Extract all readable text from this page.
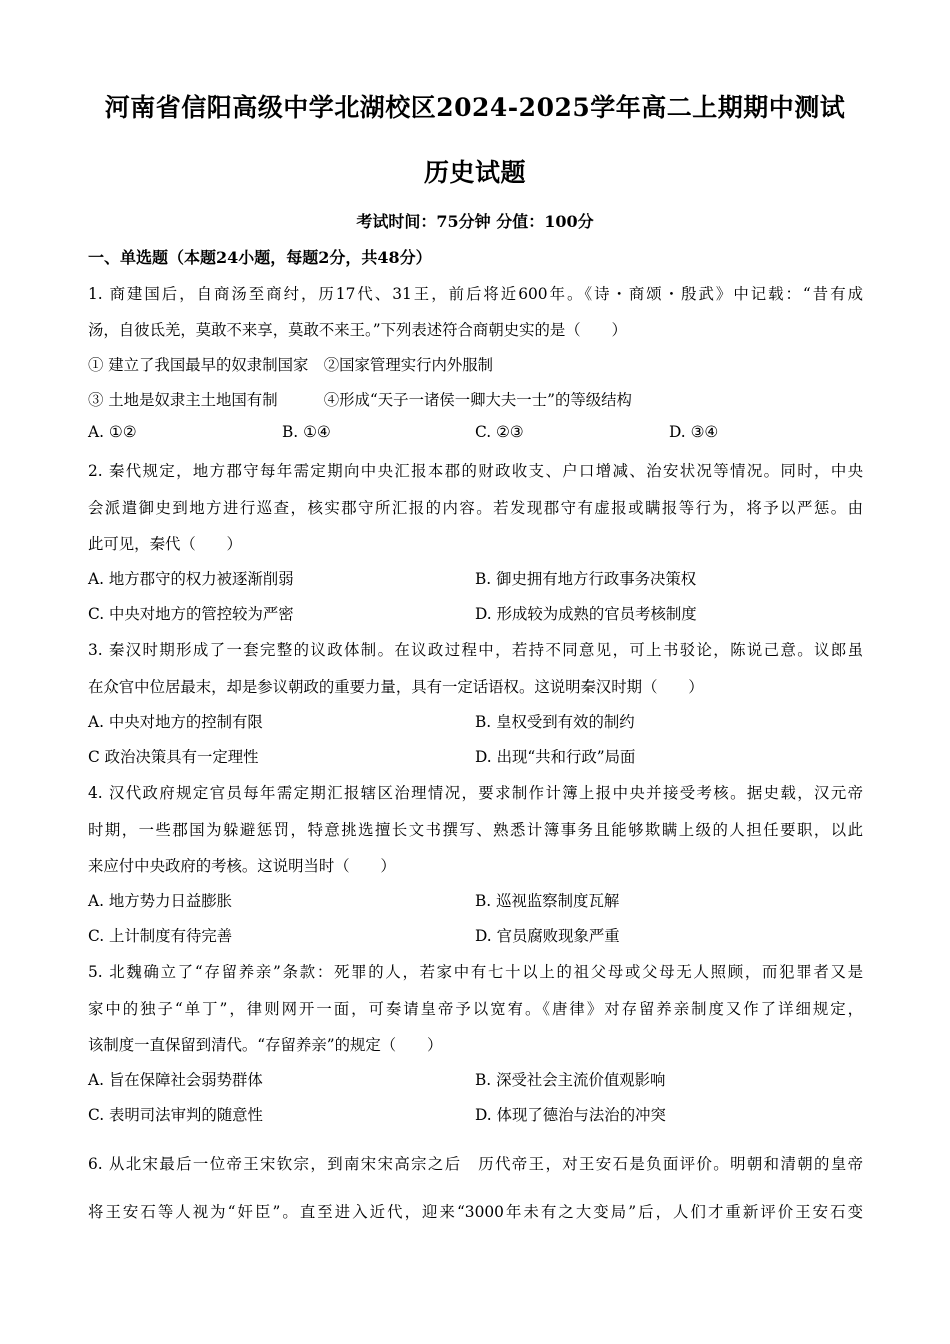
河南省信阳高级中学北湖校区2024-2025学年高二上期期中测试
历史试题
考试时间：75分钟 分值：100分
一、单选题（本题24小题，每题2分，共48分）
1. 商建国后，自商汤至商纣，历17代、31王，前后将近600年。《诗・商颂・殷武》中记载：“昔有成
汤，自彼氐羌，莫敢不来享，莫敢不来王。”下列表述符合商朝史实的是（　　）
① 建立了我国最早的奴隶制国家　②国家管理实行内外服制
③ 土地是奴隶主土地国有制　　　④形成“天子一诸侯一卿大夫一士”的等级结构
A. ①②	B. ①④	C. ②③	D. ③④
2. 秦代规定，地方郡守每年需定期向中央汇报本郡的财政收支、户口增减、治安状况等情况。同时，中央
会派遣御史到地方进行巡查，核实郡守所汇报的内容。若发现郡守有虚报或瞒报等行为，将予以严惩。由
此可见，秦代（　　）
A. 地方郡守的权力被逐渐削弱	B. 御史拥有地方行政事务决策权
C. 中央对地方的管控较为严密	D. 形成较为成熟的官员考核制度
3. 秦汉时期形成了一套完整的议政体制。在议政过程中，若持不同意见，可上书驳论，陈说己意。议郎虽
在众官中位居最末，却是参议朝政的重要力量，具有一定话语权。这说明秦汉时期（　　）
A. 中央对地方的控制有限	B. 皇权受到有效的制约
C 政治决策具有一定理性	D. 出现“共和行政”局面
4. 汉代政府规定官员每年需定期汇报辖区治理情况，要求制作计簿上报中央并接受考核。据史载，汉元帝
时期，一些郡国为躲避惩罚，特意挑选擅长文书撰写、熟悉计簿事务且能够欺瞒上级的人担任要职，以此
来应付中央政府的考核。这说明当时（　　）
A. 地方势力日益膨胀	B. 巡视监察制度瓦解
C. 上计制度有待完善	D. 官员腐败现象严重
5. 北魏确立了“存留养亲”条款：死罪的人，若家中有七十以上的祖父母或父母无人照顾，而犯罪者又是
家中的独子“单丁”，律则网开一面，可奏请皇帝予以宽宥。《唐律》对存留养亲制度又作了详细规定，
该制度一直保留到清代。“存留养亲”的规定（　　）
A. 旨在保障社会弱势群体	B. 深受社会主流价值观影响
C. 表明司法审判的随意性	D. 体现了德治与法治的冲突
6. 从北宋最后一位帝王宋钦宗，到南宋宋高宗之后　历代帝王，对王安石是负面评价。明朝和清朝的皇帝
将王安石等人视为“奸臣”。直至进入近代，迎来“3000年未有之大变局”后，人们才重新评价王安石变
